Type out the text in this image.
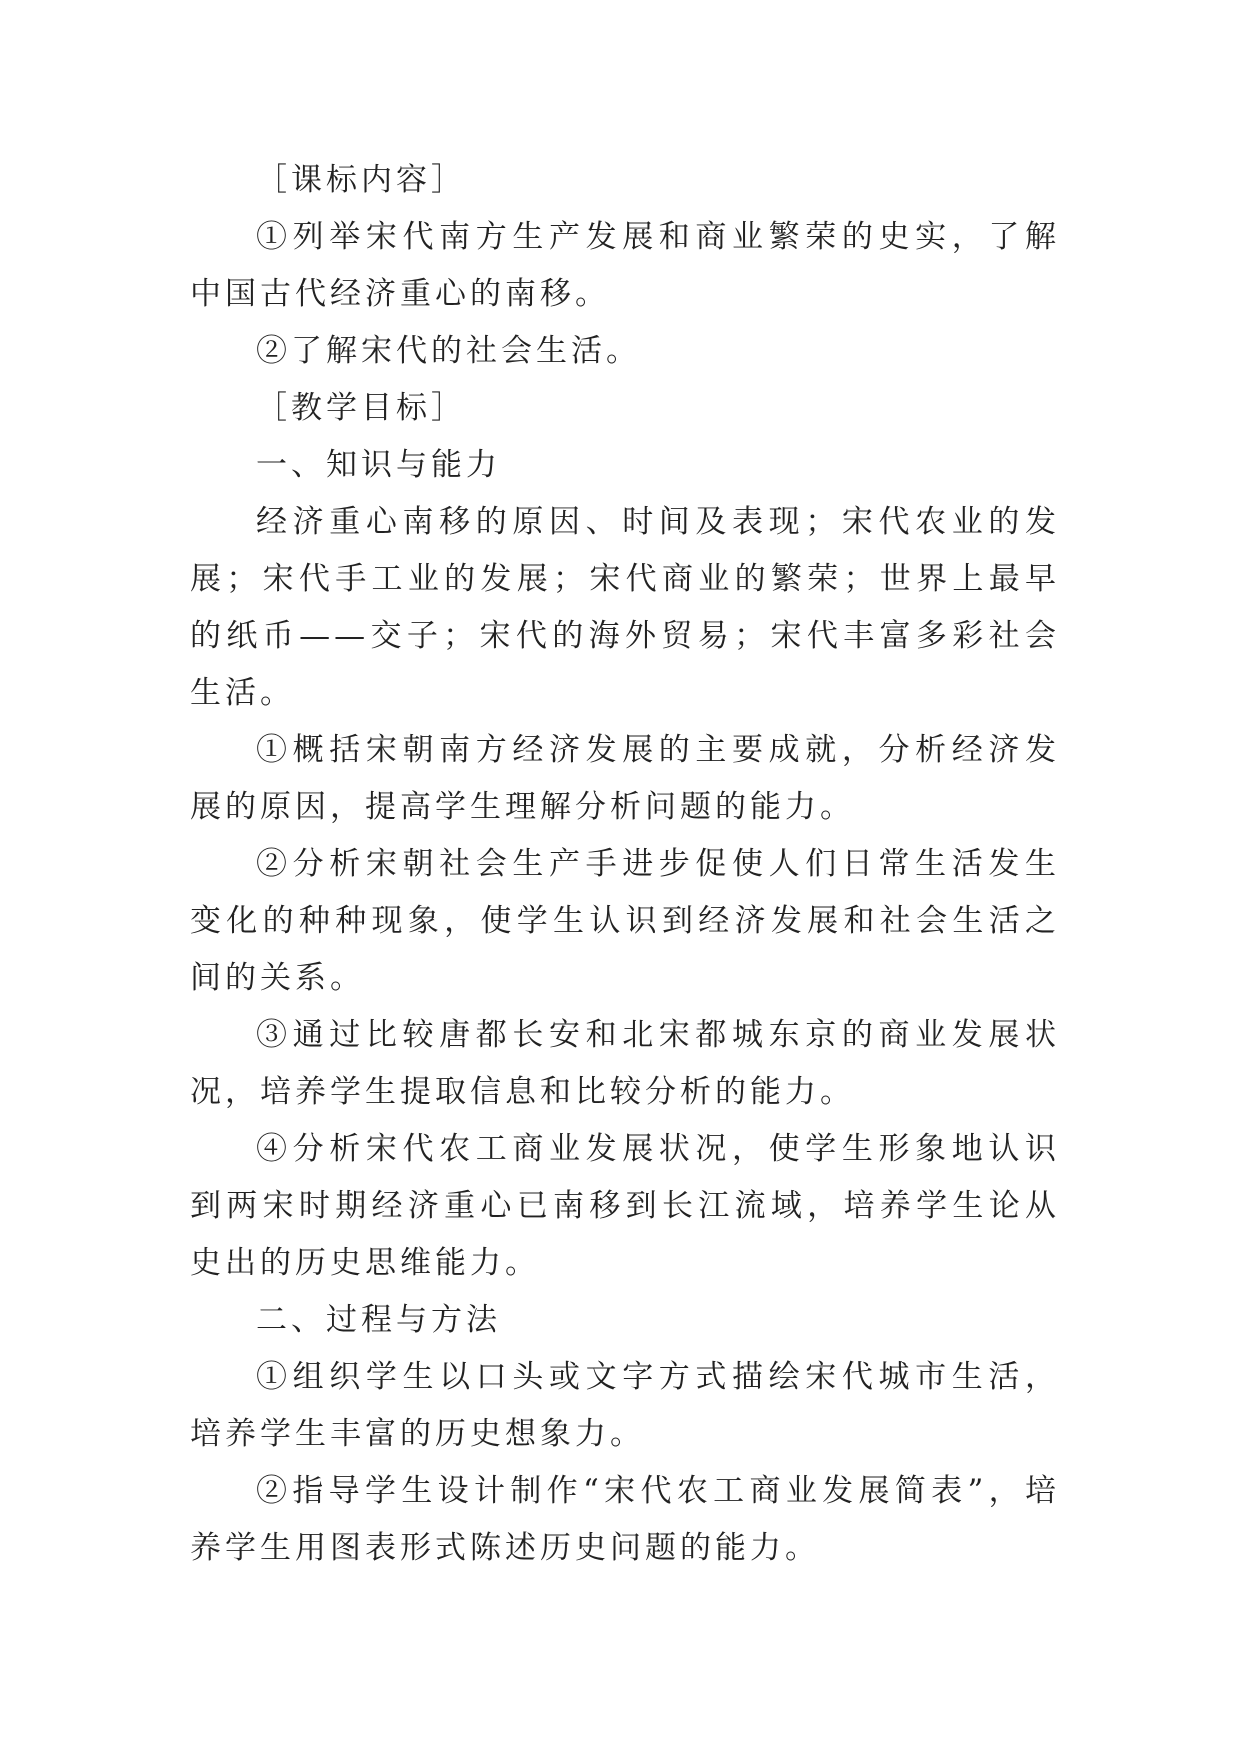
［课标内容］

①列举宋代南方生产发展和商业繁荣的史实，了解中国古代经济重心的南移。

②了解宋代的社会生活。

［教学目标］

一、知识与能力

经济重心南移的原因、时间及表现；宋代农业的发展；宋代手工业的发展；宋代商业的繁荣；世界上最早的纸币——交子；宋代的海外贸易；宋代丰富多彩社会生活。

①概括宋朝南方经济发展的主要成就，分析经济发展的原因，提高学生理解分析问题的能力。

②分析宋朝社会生产手进步促使人们日常生活发生变化的种种现象，使学生认识到经济发展和社会生活之间的关系。

③通过比较唐都长安和北宋都城东京的商业发展状况，培养学生提取信息和比较分析的能力。

④分析宋代农工商业发展状况，使学生形象地认识到两宋时期经济重心已南移到长江流域，培养学生论从史出的历史思维能力。

二、过程与方法

①组织学生以口头或文字方式描绘宋代城市生活，培养学生丰富的历史想象力。

②指导学生设计制作“宋代农工商业发展简表”，培养学生用图表形式陈述历史问题的能力。
